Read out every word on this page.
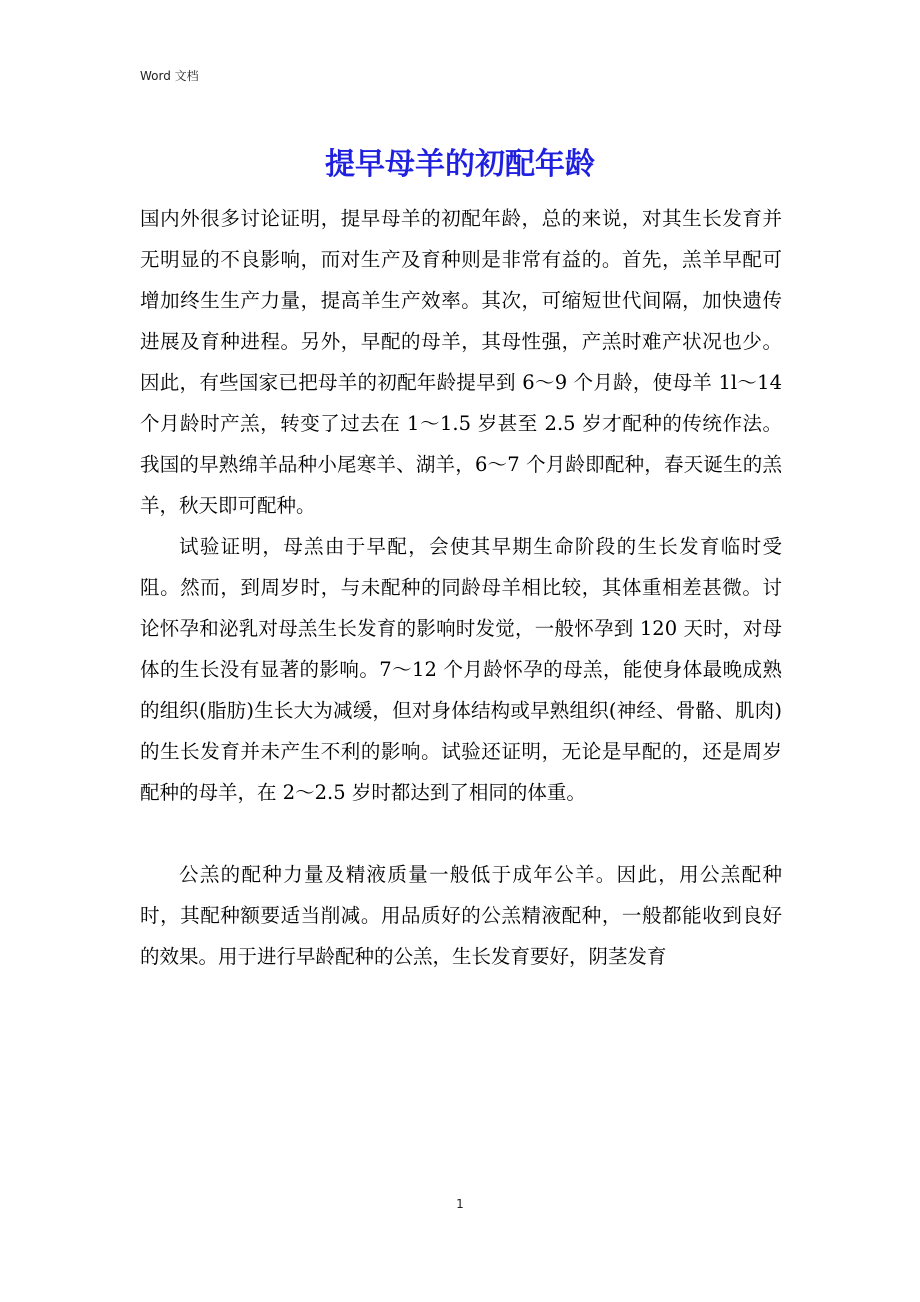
Word 文档
提早母羊的初配年龄

国内外很多讨论证明，提早母羊的初配年龄，总的来说，对其生长发育并无明显的不良影响，而对生产及育种则是非常有益的。首先，羔羊早配可增加终生生产力量，提高羊生产效率。其次，可缩短世代间隔，加快遗传进展及育种进程。另外，早配的母羊，其母性强，产羔时难产状况也少。因此，有些国家已把母羊的初配年龄提早到 6～9 个月龄，使母羊 1l～14 个月龄时产羔，转变了过去在 1～1.5 岁甚至 2.5 岁才配种的传统作法。我国的早熟绵羊品种小尾寒羊、湖羊，6～7 个月龄即配种，春天诞生的羔羊，秋天即可配种。

试验证明，母羔由于早配，会使其早期生命阶段的生长发育临时受阻。然而，到周岁时，与未配种的同龄母羊相比较，其体重相差甚微。讨论怀孕和泌乳对母羔生长发育的影响时发觉，一般怀孕到 120 天时，对母体的生长没有显著的影响。7～12 个月龄怀孕的母羔，能使身体最晚成熟的组织(脂肪)生长大为减缓，但对身体结构或早熟组织(神经、骨骼、肌肉)的生长发育并未产生不利的影响。试验还证明，无论是早配的，还是周岁配种的母羊，在 2～2.5 岁时都达到了相同的体重。

公羔的配种力量及精液质量一般低于成年公羊。因此，用公羔配种时，其配种额要适当削减。用品质好的公羔精液配种，一般都能收到良好的效果。用于进行早龄配种的公羔，生长发育要好，阴茎发育

1
